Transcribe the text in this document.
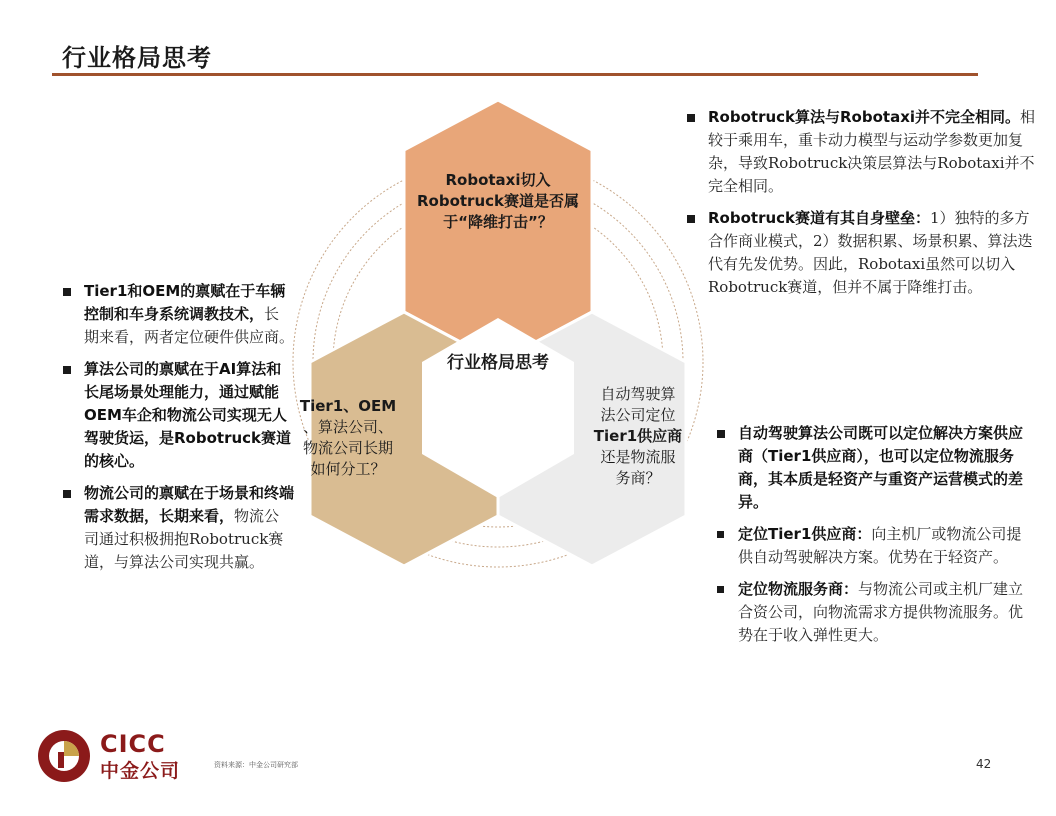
行业格局思考
Tier1和OEM的禀赋在于车辆控制和车身系统调教技术，长期来看，两者定位硬件供应商。
算法公司的禀赋在于AI算法和长尾场景处理能力，通过赋能OEM车企和物流公司实现无人驾驶货运，是Robotruck赛道的核心。
物流公司的禀赋在于场景和终端需求数据，长期来看，物流公司通过积极拥抱Robotruck赛道，与算法公司实现共赢。
Robotruck算法与Robotaxi并不完全相同。相较于乘用车，重卡动力模型与运动学参数更加复杂，导致Robotruck决策层算法与Robotaxi并不完全相同。
Robotruck赛道有其自身壁垒：1）独特的多方合作商业模式，2）数据积累、场景积累、算法迭代有先发优势。因此，Robotaxi虽然可以切入Robotruck赛道，但并不属于降维打击。
自动驾驶算法公司既可以定位解决方案供应商（Tier1供应商），也可以定位物流服务商，其本质是轻资产与重资产运营模式的差异。
定位Tier1供应商：向主机厂或物流公司提供自动驾驶解决方案。优势在于轻资产。
定位物流服务商：与物流公司或主机厂建立合资公司，向物流需求方提供物流服务。优势在于收入弹性更大。
Robotaxi切入
Robotruck赛道是否属
于“降维打击”？
Tier1、OEM
、算法公司、
物流公司长期
如何分工？
自动驾驶算
法公司定位
Tier1供应商
还是物流服
务商？
行业格局思考
CICC
中金公司	资料来源：中金公司研究部	42
